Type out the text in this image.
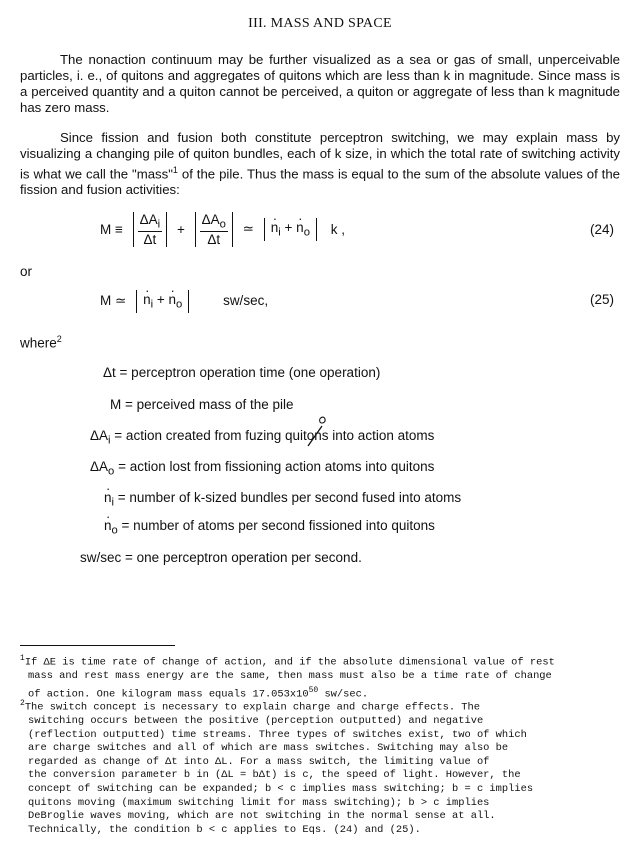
III. MASS AND SPACE

The nonaction continuum may be further visualized as a sea or gas of small, unperceivable particles, i. e., of quitons and aggregates of quitons which are less than k in magnitude. Since mass is a perceived quantity and a quiton cannot be perceived, a quiton or aggregate of less than k magnitude has zero mass.

Since fission and fusion both constitute perceptron switching, we may explain mass by visualizing a changing pile of quiton bundles, each of k size, in which the total rate of switching activity is what we call the "mass"$^1$ of the pile. Thus the mass is equal to the sum of the absolute values of the fission and fusion activities:

$M \equiv \frac{\Delta A_i}{\Delta t} + \frac{\Delta A_o}{\Delta t}$ ≃ · $n_i$ + · $n_o$ k ,	(24)
or
M ≃ · $n_i$ + · $n_o$	sw/sec,	(25)
where$^2$
Δt = perceptron operation time (one operation)
M = perceived mass of the pile
$\Delta A_i$ = action created from fuzing quitons into action atoms
$\Delta A_o$ = action lost from fissioning action atoms into quitons
· $n_i$ = number of k-sized bundles per second fused into atoms
· $n_o$ = number of atoms per second fissioned into quitons
sw/sec = one perceptron operation per second.
$^1$If ΔE is time rate of change of action, and if the absolute dimensional value of rest
mass and rest mass energy are the same, then mass must also be a time rate of change
of action. One kilogram mass equals $17.053x10^{50}$ sw/sec.
$^2$The switch concept is necessary to explain charge and charge effects. The
switching occurs between the positive (perception outputted) and negative
(reflection outputted) time streams. Three types of switches exist, two of which
are charge switches and all of which are mass switches. Switching may also be
regarded as change of Δt into ΔL. For a mass switch, the limiting value of
the conversion parameter b in (ΔL = bΔt) is c, the speed of light. However, the
concept of switching can be expanded; b < c implies mass switching; b = c implies
quitons moving (maximum switching limit for mass switching); b > c implies
DeBroglie waves moving, which are not switching in the normal sense at all.
Technically, the condition b < c applies to Eqs. (24) and (25).
